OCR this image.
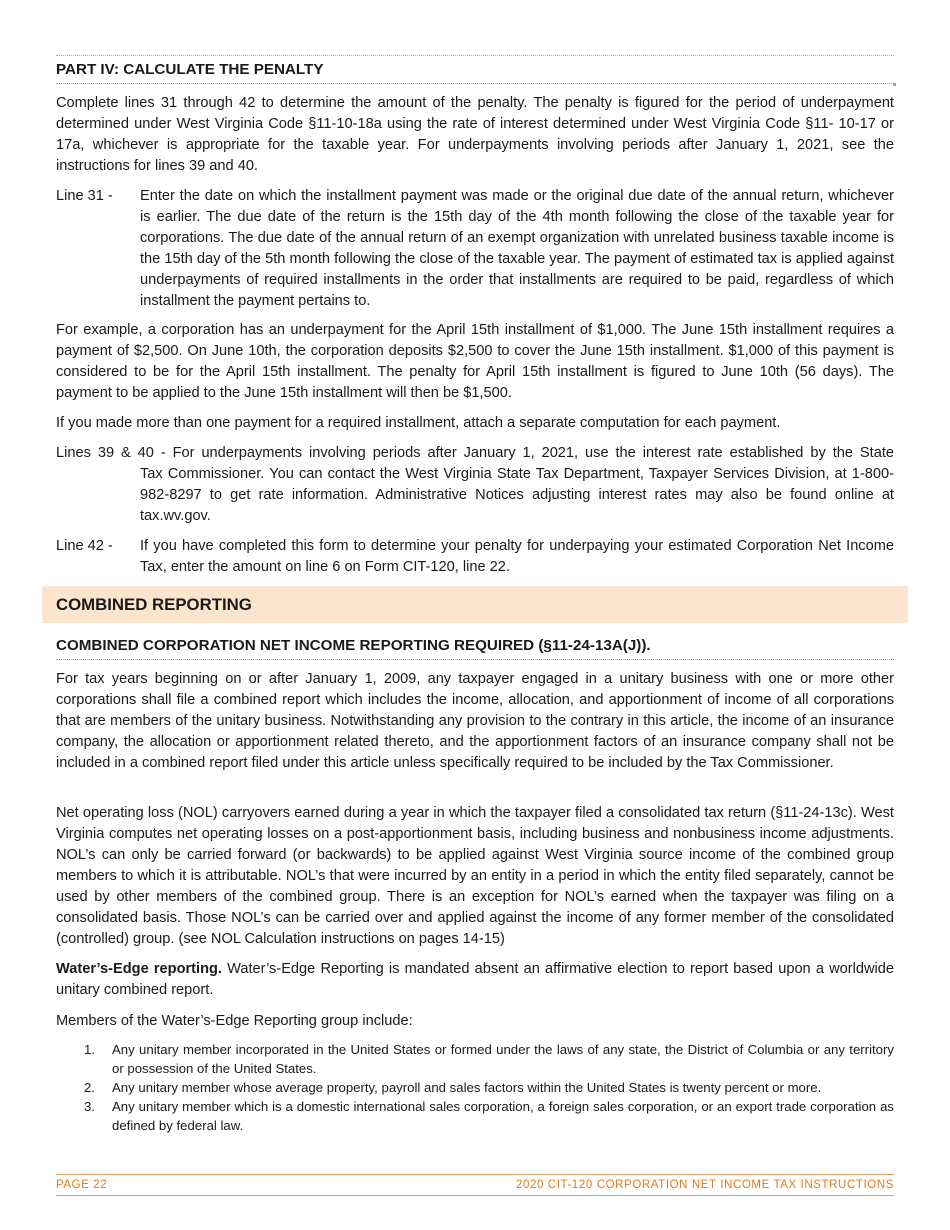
PART IV: CALCULATE THE PENALTY

Complete lines 31 through 42 to determine the amount of the penalty. The penalty is figured for the period of underpayment determined under West Virginia Code §11-10-18a using the rate of interest determined under West Virginia Code §11- 10-17 or 17a, whichever is appropriate for the taxable year. For underpayments involving periods after January 1, 2021, see the instructions for lines 39 and 40.

Line 31 - Enter the date on which the installment payment was made or the original due date of the annual return, whichever is earlier. The due date of the return is the 15th day of the 4th month following the close of the taxable year for corporations. The due date of the annual return of an exempt organization with unrelated business taxable income is the 15th day of the 5th month following the close of the taxable year. The payment of estimated tax is applied against underpayments of required installments in the order that installments are required to be paid, regardless of which installment the payment pertains to.

For example, a corporation has an underpayment for the April 15th installment of $1,000. The June 15th installment requires a payment of $2,500. On June 10th, the corporation deposits $2,500 to cover the June 15th installment. $1,000 of this payment is considered to be for the April 15th installment. The penalty for April 15th installment is figured to June 10th (56 days). The payment to be applied to the June 15th installment will then be $1,500.

If you made more than one payment for a required installment, attach a separate computation for each payment.

Lines 39 & 40 - For underpayments involving periods after January 1, 2021, use the interest rate established by the State

Tax Commissioner. You can contact the West Virginia State Tax Department, Taxpayer Services Division, at 1-800-982-8297 to get rate information. Administrative Notices adjusting interest rates may also be found online at tax.wv.gov.

Line 42 - If you have completed this form to determine your penalty for underpaying your estimated Corporation Net Income Tax, enter the amount on line 6 on Form CIT-120, line 22.

COMBINED REPORTING
COMBINED CORPORATION NET INCOME REPORTING REQUIRED (§11-24-13A(J)).

For tax years beginning on or after January 1, 2009, any taxpayer engaged in a unitary business with one or more other corporations shall file a combined report which includes the income, allocation, and apportionment of income of all corporations that are members of the unitary business. Notwithstanding any provision to the contrary in this article, the income of an insurance company, the allocation or apportionment related thereto, and the apportionment factors of an insurance company shall not be included in a combined report filed under this article unless specifically required to be included by the Tax Commissioner.

Net operating loss (NOL) carryovers earned during a year in which the taxpayer filed a consolidated tax return (§11-24-13c). West Virginia computes net operating losses on a post-apportionment basis, including business and nonbusiness income adjustments. NOL’s can only be carried forward (or backwards) to be applied against West Virginia source income of the combined group members to which it is attributable. NOL’s that were incurred by an entity in a period in which the entity filed separately, cannot be used by other members of the combined group. There is an exception for NOL’s earned when the taxpayer was filing on a consolidated basis. Those NOL’s can be carried over and applied against the income of any former member of the consolidated (controlled) group. (see NOL Calculation instructions on pages 14-15)

Water’s-Edge reporting. Water’s-Edge Reporting is mandated absent an affirmative election to report based upon a worldwide unitary combined report.

Members of the Water’s-Edge Reporting group include:

1. Any unitary member incorporated in the United States or formed under the laws of any state, the District of Columbia or any territory or possession of the United States.
2. Any unitary member whose average property, payroll and sales factors within the United States is twenty percent or more.
3. Any unitary member which is a domestic international sales corporation, a foreign sales corporation, or an export trade corporation as defined by federal law.
PAGE 22	2020 CIT-120 CORPORATION NET INCOME TAX INSTRUCTIONS
